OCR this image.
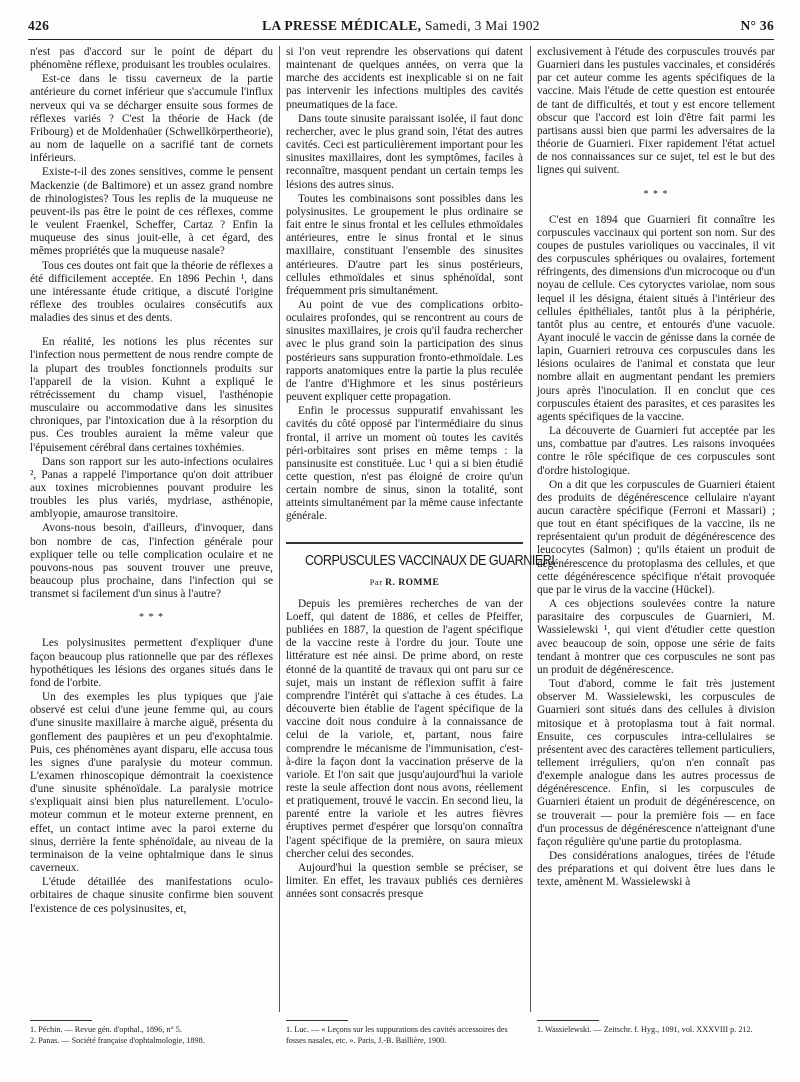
426	LA PRESSE MÉDICALE, Samedi, 3 Mai 1902	N° 36

n'est pas d'accord sur le point de départ du phénomène réflexe, produisant les troubles oculaires.

Est-ce dans le tissu caverneux de la partie antérieure du cornet inférieur que s'accumule l'influx nerveux qui va se décharger ensuite sous formes de réflexes variés ? C'est la théorie de Hack (de Fribourg) et de Moldenhaüer (Schwellkörpertheorie), au nom de laquelle on a sacrifié tant de cornets inférieurs.

Existe-t-il des zones sensitives, comme le pensent Mackenzie (de Baltimore) et un assez grand nombre de rhinologistes? Tous les replis de la muqueuse ne peuvent-ils pas être le point de ces réflexes, comme le veulent Fraenkel, Scheffer, Cartaz ? Enfin la muqueuse des sinus jouit-elle, à cet égard, des mêmes propriétés que la muqueuse nasale?

Tous ces doutes ont fait que la théorie de réflexes a été difficilement acceptée. En 1896 Pechin ¹, dans une intéressante étude critique, a discuté l'origine réflexe des troubles oculaires consécutifs aux maladies des sinus et des dents.

En réalité, les notions les plus récentes sur l'infection nous permettent de nous rendre compte de la plupart des troubles fonctionnels produits sur l'appareil de la vision. Kuhnt a expliqué le rétrécissement du champ visuel, l'asthénopie musculaire ou accommodative dans les sinusites chroniques, par l'intoxication due à la résorption du pus. Ces troubles auraient la même valeur que l'épuisement cérébral dans certaines toxhémies.

Dans son rapport sur les auto-infections oculaires ², Panas a rappelé l'importance qu'on doit attribuer aux toxines microbiennes pouvant produire les troubles les plus variés, mydriase, asthénopie, amblyopie, amaurose transitoire.

Avons-nous besoin, d'ailleurs, d'invoquer, dans bon nombre de cas, l'infection générale pour expliquer telle ou telle complication oculaire et ne pouvons-nous pas souvent trouver une preuve, beaucoup plus prochaine, dans l'infection qui se transmet si facilement d'un sinus à l'autre?

* * *

Les polysinusites permettent d'expliquer d'une façon beaucoup plus rationnelle que par des réflexes hypothétiques les lésions des organes situés dans le fond de l'orbite.

Un des exemples les plus typiques que j'aie observé est celui d'une jeune femme qui, au cours d'une sinusite maxillaire à marche aiguë, présenta du gonflement des paupières et un peu d'exophtalmie. Puis, ces phénomènes ayant disparu, elle accusa tous les signes d'une paralysie du moteur commun. L'examen rhinoscopique démontrait la coexistence d'une sinusite sphénoïdale. La paralysie motrice s'expliquait ainsi bien plus naturellement. L'oculo-moteur commun et le moteur externe prennent, en effet, un contact intime avec la paroi externe du sinus, derrière la fente sphénoïdale, au niveau de la terminaison de la veine ophtalmique dans le sinus caverneux.

L'étude détaillée des manifestations oculo-orbitaires de chaque sinusite confirme bien souvent l'existence de ces polysinusites, et,

si l'on veut reprendre les observations qui datent maintenant de quelques années, on verra que la marche des accidents est inexplicable si on ne fait pas intervenir les infections multiples des cavités pneumatiques de la face.

Dans toute sinusite paraissant isolée, il faut donc rechercher, avec le plus grand soin, l'état des autres cavités. Ceci est particulièrement important pour les sinusites maxillaires, dont les symptômes, faciles à reconnaître, masquent pendant un certain temps les lésions des autres sinus.

Toutes les combinaisons sont possibles dans les polysinusites. Le groupement le plus ordinaire se fait entre le sinus frontal et les cellules ethmoïdales antérieures, entre le sinus frontal et le sinus maxillaire, constituant l'ensemble des sinusites antérieures. D'autre part les sinus postérieurs, cellules ethmoïdales et sinus sphénoïdal, sont fréquemment pris simultanément.

Au point de vue des complications orbito-oculaires profondes, qui se rencontrent au cours de sinusites maxillaires, je crois qu'il faudra rechercher avec le plus grand soin la participation des sinus postérieurs sans suppuration fronto-ethmoïdale. Les rapports anatomiques entre la partie la plus reculée de l'antre d'Highmore et les sinus postérieurs peuvent expliquer cette propagation.

Enfin le processus suppuratif envahissant les cavités du côté opposé par l'intermédiaire du sinus frontal, il arrive un moment où toutes les cavités péri-orbitaires sont prises en même temps : la pansinusite est constituée. Luc ¹ qui a si bien étudié cette question, n'est pas éloigné de croire qu'un certain nombre de sinus, sinon la totalité, sont atteints simultanément par la même cause infectante générale.

CORPUSCULES VACCINAUX DE GUARNIERI
Par R. ROMME

Depuis les premières recherches de van der Loeff, qui datent de 1886, et celles de Pfeiffer, publiées en 1887, la question de l'agent spécifique de la vaccine reste à l'ordre du jour. Toute une littérature est née ainsi. De prime abord, on reste étonné de la quantité de travaux qui ont paru sur ce sujet, mais un instant de réflexion suffit à faire comprendre l'intérêt qui s'attache à ces études. La découverte bien établie de l'agent spécifique de la vaccine doit nous conduire à la connaissance de celui de la variole, et, partant, nous faire comprendre le mécanisme de l'immunisation, c'est-à-dire la façon dont la vaccination préserve de la variole. Et l'on sait que jusqu'aujourd'hui la variole reste la seule affection dont nous avons, réellement et pratiquement, trouvé le vaccin. En second lieu, la parenté entre la variole et les autres fièvres éruptives permet d'espérer que lorsqu'on connaîtra l'agent spécifique de la première, on saura mieux chercher celui des secondes.

Aujourd'hui la question semble se préciser, se limiter. En effet, les travaux publiés ces dernières années sont consacrés presque

exclusivement à l'étude des corpuscules trouvés par Guarnieri dans les pustules vaccinales, et considérés par cet auteur comme les agents spécifiques de la vaccine. Mais l'étude de cette question est entourée de tant de difficultés, et tout y est encore tellement obscur que l'accord est loin d'être fait parmi les partisans aussi bien que parmi les adversaires de la théorie de Guarnieri. Fixer rapidement l'état actuel de nos connaissances sur ce sujet, tel est le but des lignes qui suivent.

* * *

C'est en 1894 que Guarnieri fit connaître les corpuscules vaccinaux qui portent son nom. Sur des coupes de pustules varioliques ou vaccinales, il vit des corpuscules sphériques ou ovalaires, fortement réfringents, des dimensions d'un microcoque ou d'un noyau de cellule. Ces cytoryctes variolae, nom sous lequel il les désigna, étaient situés à l'intérieur des cellules épithéliales, tantôt plus à la périphérie, tantôt plus au centre, et entourés d'une vacuole. Ayant inoculé le vaccin de génisse dans la cornée de lapin, Guarnieri retrouva ces corpuscules dans les lésions oculaires de l'animal et constata que leur nombre allait en augmentant pendant les premiers jours après l'inoculation. Il en conclut que ces corpuscules étaient des parasites, et ces parasites les agents spécifiques de la vaccine.

La découverte de Guarnieri fut acceptée par les uns, combattue par d'autres. Les raisons invoquées contre le rôle spécifique de ces corpuscules sont d'ordre histologique.

On a dit que les corpuscules de Guarnieri étaient des produits de dégénérescence cellulaire n'ayant aucun caractère spécifique (Ferroni et Massari) ; que tout en étant spécifiques de la vaccine, ils ne représentaient qu'un produit de dégénérescence des leucocytes (Salmon) ; qu'ils étaient un produit de dégénérescence du protoplasma des cellules, et que cette dégénérescence spécifique n'était provoquée que par le virus de la vaccine (Hückel).

A ces objections soulevées contre la nature parasitaire des corpuscules de Guarnieri, M. Wassielewski ¹, qui vient d'étudier cette question avec beaucoup de soin, oppose une série de faits tendant à montrer que ces corpuscules ne sont pas un produit de dégénérescence.

Tout d'abord, comme le fait très justement observer M. Wassielewski, les corpuscules de Guarnieri sont situés dans des cellules à division mitosique et à protoplasma tout à fait normal. Ensuite, ces corpuscules intra-cellulaires se présentent avec des caractères tellement particuliers, tellement irréguliers, qu'on n'en connaît pas d'exemple analogue dans les autres processus de dégénérescence. Enfin, si les corpuscules de Guarnieri étaient un produit de dégénérescence, on se trouverait — pour la première fois — en face d'un processus de dégénérescence n'atteignant d'une façon régulière qu'une partie du protoplasma.

Des considérations analogues, tirées de l'étude des préparations et qui doivent être lues dans le texte, amènent M. Wassielewski à

1. Péchin. — Revue gén. d'opthal., 1896, n° 5.

2. Panas. — Société française d'ophtalmologie, 1898.

1. Luc. — « Leçons sur les suppurations des cavités accessoires des fosses nasales, etc. ». Paris, J.-B. Baillière, 1900.

1. Wassielewski. — Zeitschr. f. Hyg., 1091, vol. XXXVIII p. 212.
